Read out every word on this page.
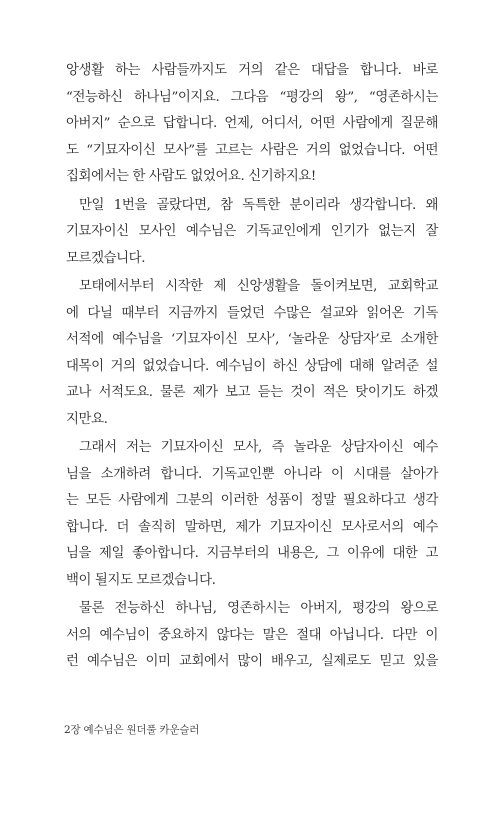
앙생활 하는 사람들까지도 거의 같은 대답을 합니다. 바로
“전능하신 하나님”이지요. 그다음 “평강의 왕”, “영존하시는
아버지” 순으로 답합니다. 언제, 어디서, 어떤 사람에게 질문해
도 “기묘자이신 모사”를 고르는 사람은 거의 없었습니다. 어떤
집회에서는 한 사람도 없었어요. 신기하지요!
만일 1번을 골랐다면, 참 독특한 분이리라 생각합니다. 왜
기묘자이신 모사인 예수님은 기독교인에게 인기가 없는지 잘
모르겠습니다.
모태에서부터 시작한 제 신앙생활을 돌이켜보면, 교회학교
에 다닐 때부터 지금까지 들었던 수많은 설교와 읽어온 기독
서적에 예수님을 ‘기묘자이신 모사’, ‘놀라운 상담자’로 소개한
대목이 거의 없었습니다. 예수님이 하신 상담에 대해 알려준 설
교나 서적도요. 물론 제가 보고 듣는 것이 적은 탓이기도 하겠
지만요.
그래서 저는 기묘자이신 모사, 즉 놀라운 상담자이신 예수
님을 소개하려 합니다. 기독교인뿐 아니라 이 시대를 살아가
는 모든 사람에게 그분의 이러한 성품이 정말 필요하다고 생각
합니다. 더 솔직히 말하면, 제가 기묘자이신 모사로서의 예수
님을 제일 좋아합니다. 지금부터의 내용은, 그 이유에 대한 고
백이 될지도 모르겠습니다.
물론 전능하신 하나님, 영존하시는 아버지, 평강의 왕으로
서의 예수님이 중요하지 않다는 말은 절대 아닙니다. 다만 이
런 예수님은 이미 교회에서 많이 배우고, 실제로도 믿고 있을
2장 예수님은 원더풀 카운슬러
